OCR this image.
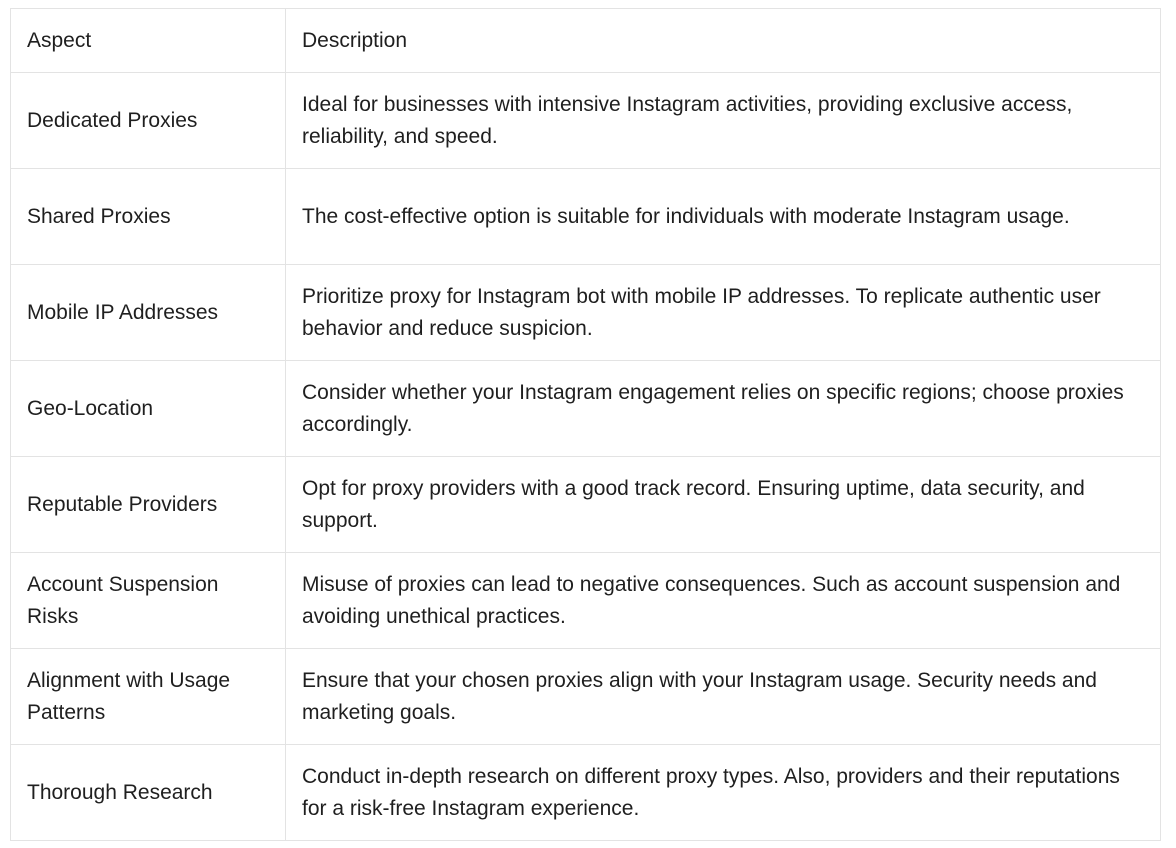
Aspect	Description
Dedicated Proxies	Ideal for businesses with intensive Instagram activities, providing exclusive access, reliability, and speed.
Shared Proxies	The cost-effective option is suitable for individuals with moderate Instagram usage.
Mobile IP Addresses	Prioritize proxy for Instagram bot with mobile IP addresses. To replicate authentic user behavior and reduce suspicion.
Geo-Location	Consider whether your Instagram engagement relies on specific regions; choose proxies accordingly.
Reputable Providers	Opt for proxy providers with a good track record. Ensuring uptime, data security, and support.
Account Suspension Risks	Misuse of proxies can lead to negative consequences. Such as account suspension and avoiding unethical practices.
Alignment with Usage Patterns	Ensure that your chosen proxies align with your Instagram usage. Security needs and marketing goals.
Thorough Research	Conduct in-depth research on different proxy types. Also, providers and their reputations for a risk-free Instagram experience.
